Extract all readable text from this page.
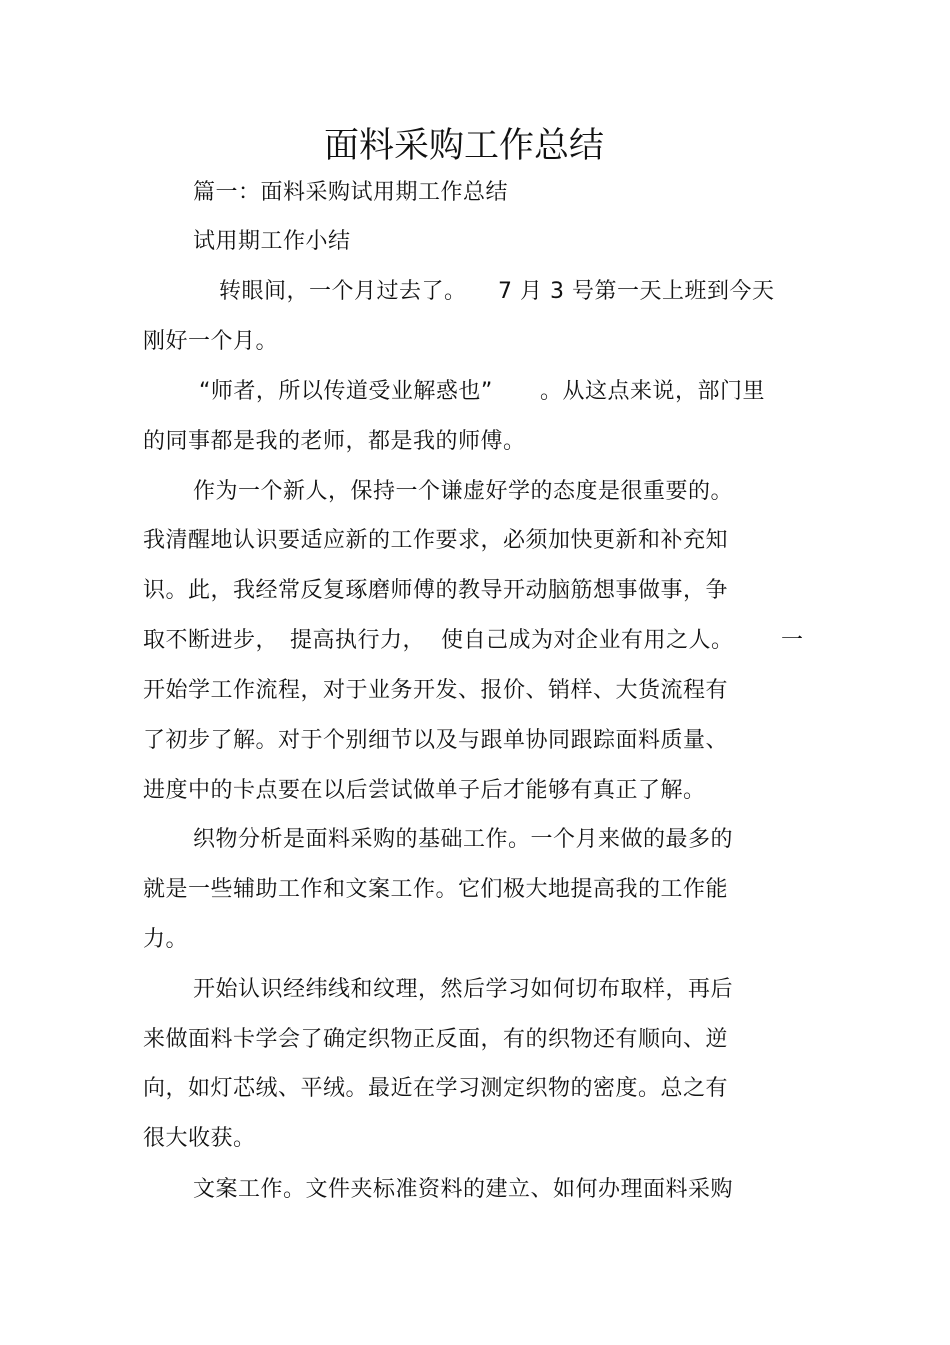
面料采购工作总结
篇一：面料采购试用期工作总结
试用期工作小结
转眼间，一个月过去了。 7 月 3 号第一天上班到今天
刚好一个月。
“师者，所以传道受业解惑也” 。从这点来说，部门里
的同事都是我的老师，都是我的师傅。
作为一个新人，保持一个谦虚好学的态度是很重要的。
我清醒地认识要适应新的工作要求，必须加快更新和补充知
识。此，我经常反复琢磨师傅的教导开动脑筋想事做事，争
取不断进步， 提高执行力， 使自己成为对企业有用之人。 一
开始学工作流程，对于业务开发、报价、销样、大货流程有
了初步了解。对于个别细节以及与跟单协同跟踪面料质量、
进度中的卡点要在以后尝试做单子后才能够有真正了解。
织物分析是面料采购的基础工作。一个月来做的最多的
就是一些辅助工作和文案工作。它们极大地提高我的工作能
力。
开始认识经纬线和纹理，然后学习如何切布取样，再后
来做面料卡学会了确定织物正反面，有的织物还有顺向、逆
向，如灯芯绒、平绒。最近在学习测定织物的密度。总之有
很大收获。
文案工作。文件夹标准资料的建立、如何办理面料采购
